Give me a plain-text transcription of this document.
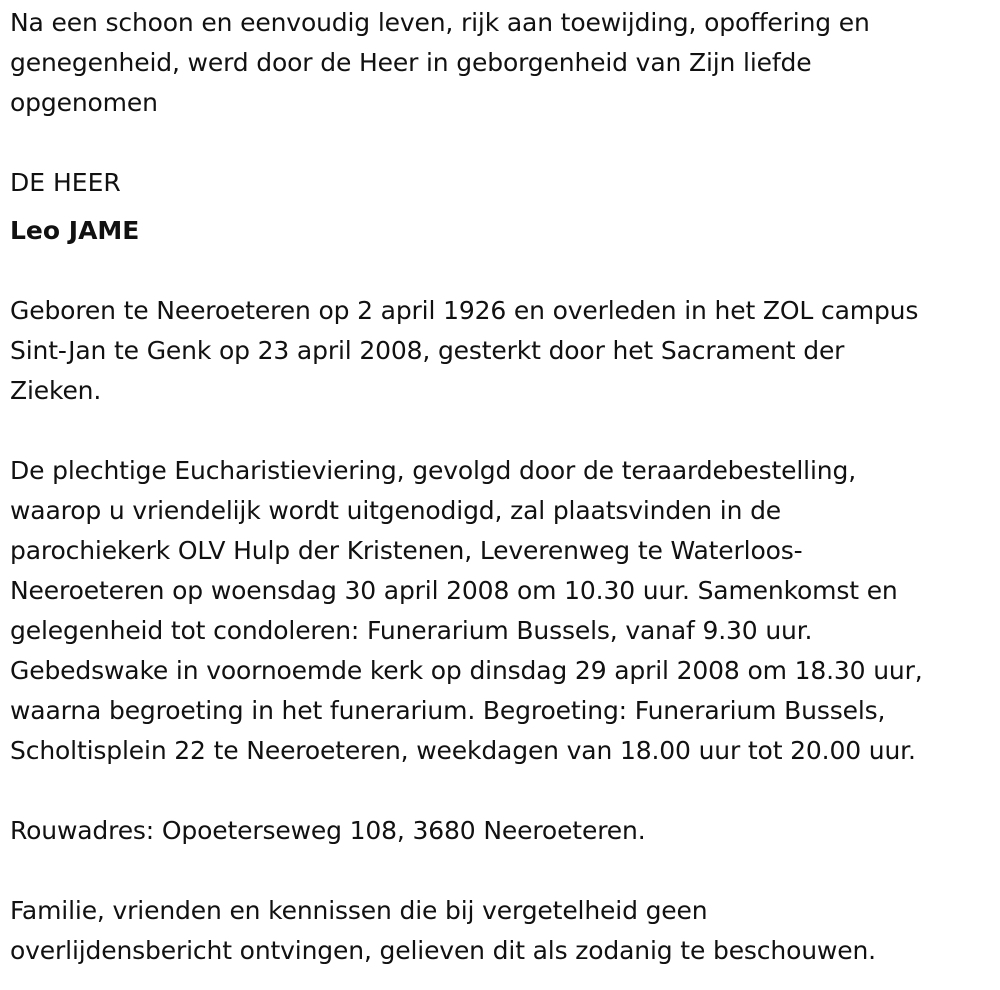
Na een schoon en eenvoudig leven, rijk aan toewijding, opoffering en
genegenheid, werd door de Heer in geborgenheid van Zijn liefde
opgenomen

DE HEER

Leo JAME

Geboren te Neeroeteren op 2 april 1926 en overleden in het ZOL campus
Sint-Jan te Genk op 23 april 2008, gesterkt door het Sacrament der
Zieken.

De plechtige Eucharistieviering, gevolgd door de teraardebestelling,
waarop u vriendelijk wordt uitgenodigd, zal plaatsvinden in de
parochiekerk OLV Hulp der Kristenen, Leverenweg te Waterloos-
Neeroeteren op woensdag 30 april 2008 om 10.30 uur. Samenkomst en
gelegenheid tot condoleren: Funerarium Bussels, vanaf 9.30 uur.
Gebedswake in voornoemde kerk op dinsdag 29 april 2008 om 18.30 uur,
waarna begroeting in het funerarium. Begroeting: Funerarium Bussels,
Scholtisplein 22 te Neeroeteren, weekdagen van 18.00 uur tot 20.00 uur.

Rouwadres: Opoeterseweg 108, 3680 Neeroeteren.

Familie, vrienden en kennissen die bij vergetelheid geen
overlijdensbericht ontvingen, gelieven dit als zodanig te beschouwen.
